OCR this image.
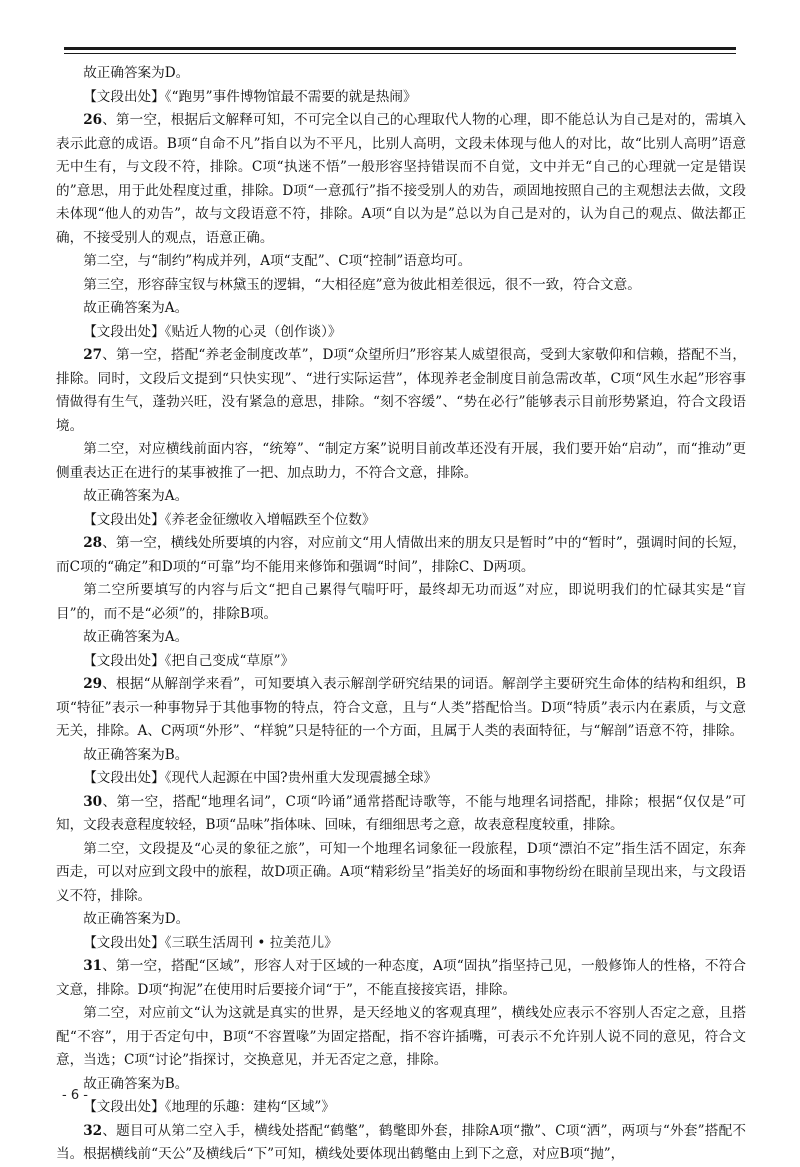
故正确答案为D。

【文段出处】《“跑男”事件博物馆最不需要的就是热闹》

26、第一空，根据后文解释可知，不可完全以自己的心理取代人物的心理，即不能总认为自己是对的，需填入表示此意的成语。B项“自命不凡”指自以为不平凡，比别人高明，文段未体现与他人的对比，故“比别人高明”语意无中生有，与文段不符，排除。C项“执迷不悟”一般形容坚持错误而不自觉，文中并无“自己的心理就一定是错误的”意思，用于此处程度过重，排除。D项“一意孤行”指不接受别人的劝告，顽固地按照自己的主观想法去做，文段未体现“他人的劝告”，故与文段语意不符，排除。A项“自以为是”总以为自己是对的，认为自己的观点、做法都正确，不接受别人的观点，语意正确。

第二空，与“制约”构成并列，A项“支配”、C项“控制”语意均可。

第三空，形容薛宝钗与林黛玉的逻辑，“大相径庭”意为彼此相差很远，很不一致，符合文意。

故正确答案为A。

【文段出处】《贴近人物的心灵（创作谈）》

27、第一空，搭配“养老金制度改革”，D项“众望所归”形容某人威望很高，受到大家敬仰和信赖，搭配不当，排除。同时，文段后文提到“只快实现”、“进行实际运营”，体现养老金制度目前急需改革，C项“风生水起”形容事情做得有生气，蓬勃兴旺，没有紧急的意思，排除。“刻不容缓”、“势在必行”能够表示目前形势紧迫，符合文段语境。

第二空，对应横线前面内容，“统筹”、“制定方案”说明目前改革还没有开展，我们要开始“启动”，而“推动”更侧重表达正在进行的某事被推了一把、加点助力，不符合文意，排除。

故正确答案为A。

【文段出处】《养老金征缴收入增幅跌至个位数》

28、第一空，横线处所要填的内容，对应前文“用人情做出来的朋友只是暂时”中的“暂时”，强调时间的长短，而C项的“确定”和D项的“可靠”均不能用来修饰和强调“时间”，排除C、D两项。

第二空所要填写的内容与后文“把自己累得气喘吁吁，最终却无功而返”对应，即说明我们的忙碌其实是“盲目”的，而不是“必须”的，排除B项。

故正确答案为A。

【文段出处】《把自己变成“草原”》

29、根据“从解剖学来看”，可知要填入表示解剖学研究结果的词语。解剖学主要研究生命体的结构和组织，B项“特征”表示一种事物异于其他事物的特点，符合文意，且与“人类”搭配恰当。D项“特质”表示内在素质，与文意无关，排除。A、C两项“外形”、“样貌”只是特征的一个方面，且属于人类的表面特征，与“解剖”语意不符，排除。

故正确答案为B。

【文段出处】《现代人起源在中国?贵州重大发现震撼全球》

30、第一空，搭配“地理名词”，C项“吟诵”通常搭配诗歌等，不能与地理名词搭配，排除；根据“仅仅是”可知，文段表意程度较轻，B项“品味”指体味、回味，有细细思考之意，故表意程度较重，排除。

第二空，文段提及“心灵的象征之旅”，可知一个地理名词象征一段旅程，D项“漂泊不定”指生活不固定，东奔西走，可以对应到文段中的旅程，故D项正确。A项“精彩纷呈”指美好的场面和事物纷纷在眼前呈现出来，与文段语义不符，排除。

故正确答案为D。

【文段出处】《三联生活周刊 • 拉美范儿》

31、第一空，搭配“区域”，形容人对于区域的一种态度，A项“固执”指坚持己见，一般修饰人的性格，不符合文意，排除。D项“拘泥”在使用时后要接介词“于”，不能直接接宾语，排除。

第二空，对应前文“认为这就是真实的世界，是天经地义的客观真理”，横线处应表示不容别人否定之意，且搭配“不容”，用于否定句中，B项“不容置喙”为固定搭配，指不容许插嘴，可表示不允许别人说不同的意见，符合文意，当选；C项“讨论”指探讨，交换意见，并无否定之意，排除。

故正确答案为B。

【文段出处】《地理的乐趣：建构“区域”》

32、题目可从第二空入手，横线处搭配“鹤氅”，鹤氅即外套，排除A项“撒”、C项“洒”，两项与“外套”搭配不当。根据横线前“天公”及横线后“下”可知，横线处要体现出鹤氅由上到下之意，对应B项“抛”，

- 6 -
